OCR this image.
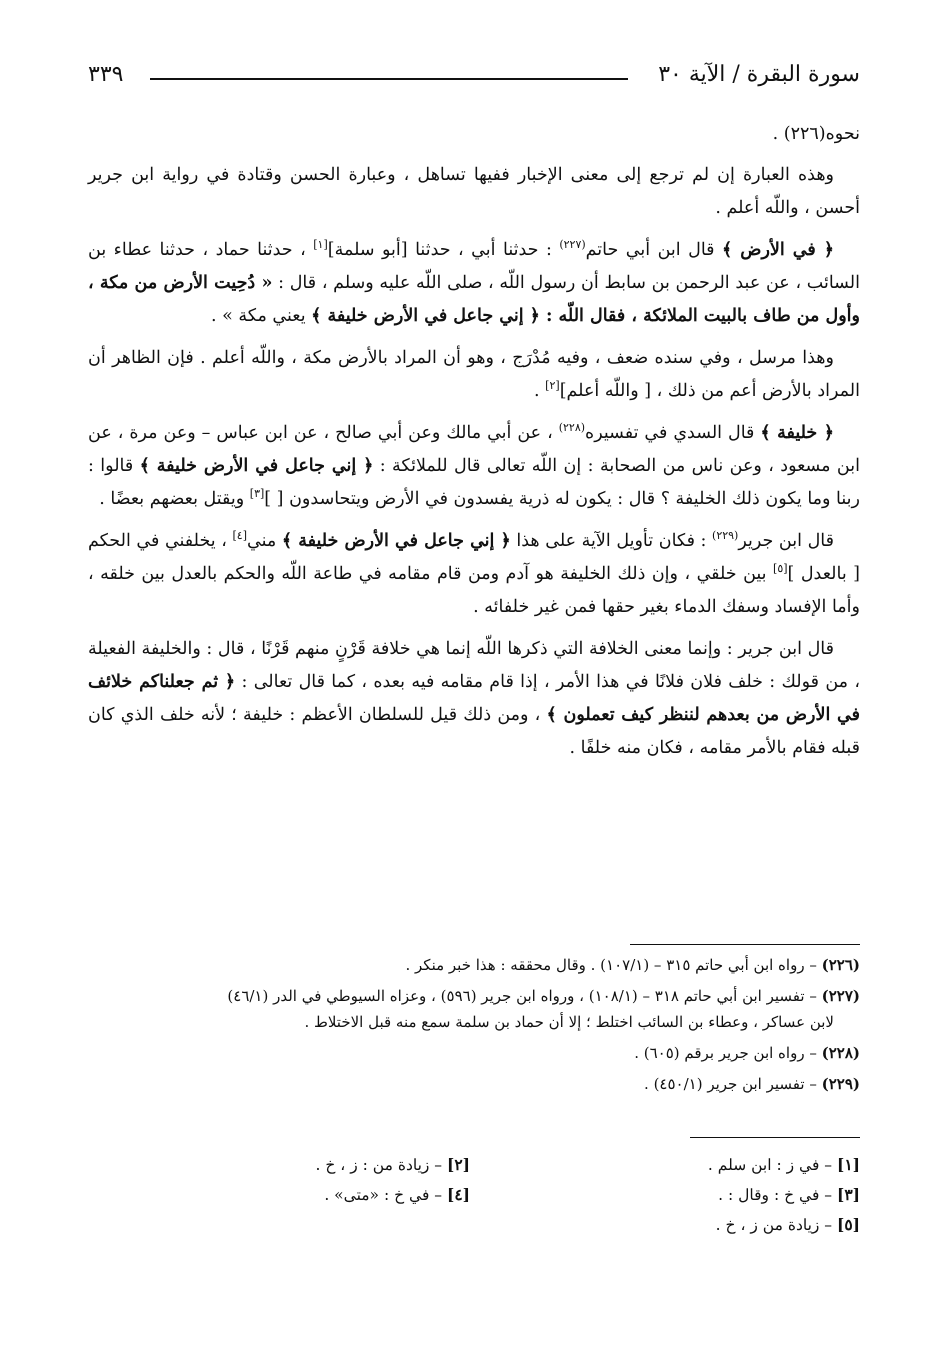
سورة البقرة / الآية ٣٠
٣٣٩

نحوه(٢٢٦) .

وهذه العبارة إن لم ترجع إلى معنى الإخبار ففيها تساهل ، وعبارة الحسن وقتادة في رواية ابن جرير أحسن ، واللّه أعلم .

﴿ في الأرض ﴾ قال ابن أبي حاتم$^{(٢٢٧)}$ : حدثنا أبي ، حدثنا [أبو سلمة][١] ، حدثنا حماد ، حدثنا عطاء بن السائب ، عن عبد الرحمن بن سابط أن رسول اللّه ، صلى اللّه عليه وسلم ، قال : « دُحِيت الأرض من مكة ، وأول من طاف بالبيت الملائكة ، فقال اللّه : ﴿ إني جاعل في الأرض خليفة ﴾ يعني مكة » .

وهذا مرسل ، وفي سنده ضعف ، وفيه مُدْرَج ، وهو أن المراد بالأرض مكة ، واللّه أعلم . فإن الظاهر أن المراد بالأرض أعم من ذلك ، [ واللّه أعلم][٢] .

﴿ خليفة ﴾ قال السدي في تفسيره$^{(٢٢٨)}$ ، عن أبي مالك وعن أبي صالح ، عن ابن عباس – وعن مرة ، عن ابن مسعود ، وعن ناس من الصحابة : إن اللّه تعالى قال للملائكة : ﴿ إني جاعل في الأرض خليفة ﴾ قالوا : ربنا وما يكون ذلك الخليفة ؟ قال : يكون له ذرية يفسدون في الأرض ويتحاسدون [ ][٣] ويقتل بعضهم بعضًا .

قال ابن جرير$^{(٢٢٩)}$ : فكان تأويل الآية على هذا ﴿ إني جاعل في الأرض خليفة ﴾ مني[٤] ، يخلفني في الحكم [ بالعدل ][٥] بين خلقي ، وإن ذلك الخليفة هو آدم ومن قام مقامه في طاعة اللّه والحكم بالعدل بين خلقه ، وأما الإفساد وسفك الدماء بغير حقها فمن غير خلفائه .

قال ابن جرير : وإنما معنى الخلافة التي ذكرها اللّه إنما هي خلافة قَرْنٍ منهم قَرْنًا ، قال : والخليفة الفعيلة ، من قولك : خلف فلان فلانًا في هذا الأمر ، إذا قام مقامه فيه بعده ، كما قال تعالى : ﴿ ثم جعلناكم خلائف في الأرض من بعدهم لننظر كيف تعملون ﴾ ، ومن ذلك قيل للسلطان الأعظم : خليفة ؛ لأنه خلف الذي كان قبله فقام بالأمر مقامه ، فكان منه خلفًا .

(٢٢٦) – رواه ابن أبي حاتم ٣١٥ – (١٠٧/١) . وقال محققه : هذا خبر منكر .

(٢٢٧) – تفسير ابن أبي حاتم ٣١٨ – (١٠٨/١) ، ورواه ابن جرير (٥٩٦) ، وعزاه السيوطي في الدر (٤٦/١)
لابن عساكر ، وعطاء بن السائب اختلط ؛ إلا أن حماد بن سلمة سمع منه قبل الاختلاط .

(٢٢٨) – رواه ابن جرير برقم (٦٠٥) .

(٢٢٩) – تفسير ابن جرير (٤٥٠/١) .

[١] – في ز : ابن سلم .
[٣] – في خ : وقال : .
[٥] – زيادة من ز ، خ .
[٢] – زيادة من : ز ، خ .
[٤] – في خ : «متى» .
